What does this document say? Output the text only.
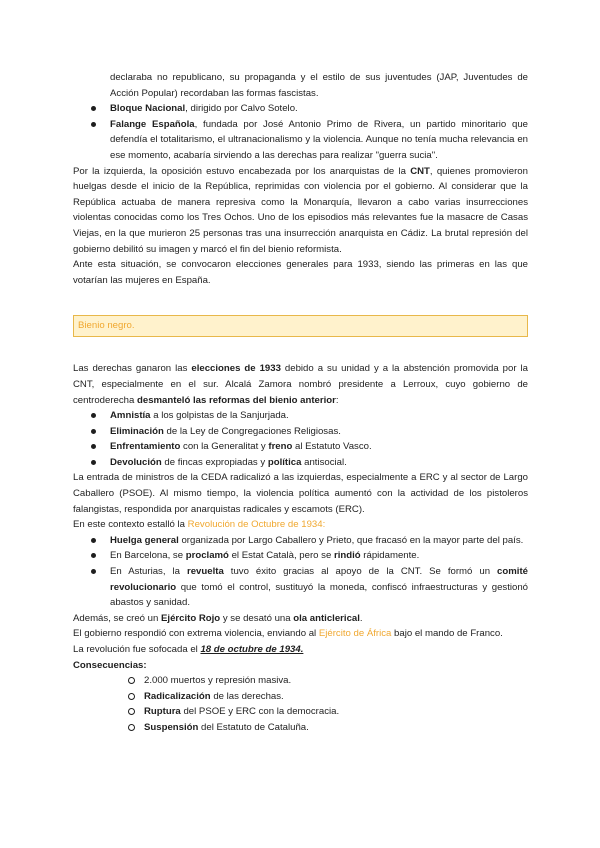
declaraba no republicano, su propaganda y el estilo de sus juventudes (JAP, Juventudes de Acción Popular) recordaban las formas fascistas.

Bloque Nacional, dirigido por Calvo Sotelo.
Falange Española, fundada por José Antonio Primo de Rivera, un partido minoritario que defendía el totalitarismo, el ultranacionalismo y la violencia. Aunque no tenía mucha relevancia en ese momento, acabaría sirviendo a las derechas para realizar "guerra sucia".

Por la izquierda, la oposición estuvo encabezada por los anarquistas de la CNT, quienes promovieron huelgas desde el inicio de la República, reprimidas con violencia por el gobierno. Al considerar que la República actuaba de manera represiva como la Monarquía, llevaron a cabo varias insurrecciones violentas conocidas como los Tres Ochos. Uno de los episodios más relevantes fue la masacre de Casas Viejas, en la que murieron 25 personas tras una insurrección anarquista en Cádiz. La brutal represión del gobierno debilitó su imagen y marcó el fin del bienio reformista.

Ante esta situación, se convocaron elecciones generales para 1933, siendo las primeras en las que votarían las mujeres en España.

Bienio negro.

Las derechas ganaron las elecciones de 1933 debido a su unidad y a la abstención promovida por la CNT, especialmente en el sur. Alcalá Zamora nombró presidente a Lerroux, cuyo gobierno de centroderecha desmanteló las reformas del bienio anterior:

Amnistía a los golpistas de la Sanjurjada.
Eliminación de la Ley de Congregaciones Religiosas.
Enfrentamiento con la Generalitat y freno al Estatuto Vasco.
Devolución de fincas expropiadas y política antisocial.

La entrada de ministros de la CEDA radicalizó a las izquierdas, especialmente a ERC y al sector de Largo Caballero (PSOE). Al mismo tiempo, la violencia política aumentó con la actividad de los pistoleros falangistas, respondida por anarquistas radicales y escamots (ERC).

En este contexto estalló la Revolución de Octubre de 1934:

Huelga general organizada por Largo Caballero y Prieto, que fracasó en la mayor parte del país.
En Barcelona, se proclamó el Estat Català, pero se rindió rápidamente.
En Asturias, la revuelta tuvo éxito gracias al apoyo de la CNT. Se formó un comité revolucionario que tomó el control, sustituyó la moneda, confiscó infraestructuras y gestionó abastos y sanidad.

Además, se creó un Ejército Rojo y se desató una ola anticlerical.

El gobierno respondió con extrema violencia, enviando al Ejército de África bajo el mando de Franco.

La revolución fue sofocada el 18 de octubre de 1934.

Consecuencias:

2.000 muertos y represión masiva.
Radicalización de las derechas.
Ruptura del PSOE y ERC con la democracia.
Suspensión del Estatuto de Cataluña.
